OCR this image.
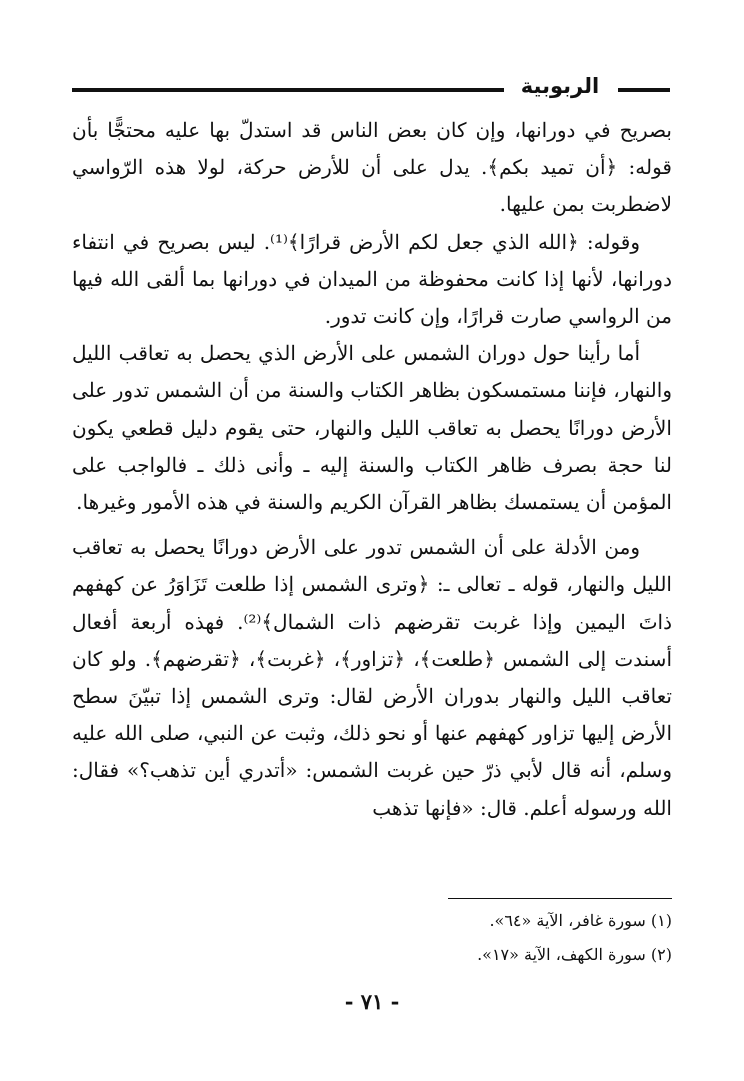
الربوبية

بصريح في دورانها، وإن كان بعض الناس قد استدلّ بها عليه محتجًّا بأن قوله: ﴿أن تميد بكم﴾. يدل على أن للأرض حركة، لولا هذه الرّواسي لاضطربت بمن عليها.

وقوله: ﴿الله الذي جعل لكم الأرض قرارًا﴾⁽¹⁾. ليس بصريح في انتفاء دورانها، لأنها إذا كانت محفوظة من الميدان في دورانها بما ألقى الله فيها من الرواسي صارت قرارًا، وإن كانت تدور.

أما رأينا حول دوران الشمس على الأرض الذي يحصل به تعاقب الليل والنهار، فإننا مستمسكون بظاهر الكتاب والسنة من أن الشمس تدور على الأرض دورانًا يحصل به تعاقب الليل والنهار، حتى يقوم دليل قطعي يكون لنا حجة بصرف ظاهر الكتاب والسنة إليه ـ وأنى ذلك ـ فالواجب على المؤمن أن يستمسك بظاهر القرآن الكريم والسنة في هذه الأمور وغيرها.

ومن الأدلة على أن الشمس تدور على الأرض دورانًا يحصل به تعاقب الليل والنهار، قوله ـ تعالى ـ: ﴿وترى الشمس إذا طلعت تَزَاوَرُ عن كهفهم ذاتَ اليمين وإذا غربت تقرضهم ذات الشمال﴾⁽²⁾. فهذه أربعة أفعال أسندت إلى الشمس ﴿طلعت﴾، ﴿تزاور﴾، ﴿غربت﴾، ﴿تقرضهم﴾. ولو كان تعاقب الليل والنهار بدوران الأرض لقال: وترى الشمس إذا تبيّنَ سطح الأرض إليها تزاور كهفهم عنها أو نحو ذلك، وثبت عن النبي، صلى الله عليه وسلم، أنه قال لأبي ذرّ حين غربت الشمس: «أتدري أين تذهب؟» فقال: الله ورسوله أعلم. قال: «فإنها تذهب

(١) سورة غافر، الآية «٦٤».

(٢) سورة الكهف، الآية «١٧».

- ٧١ -
